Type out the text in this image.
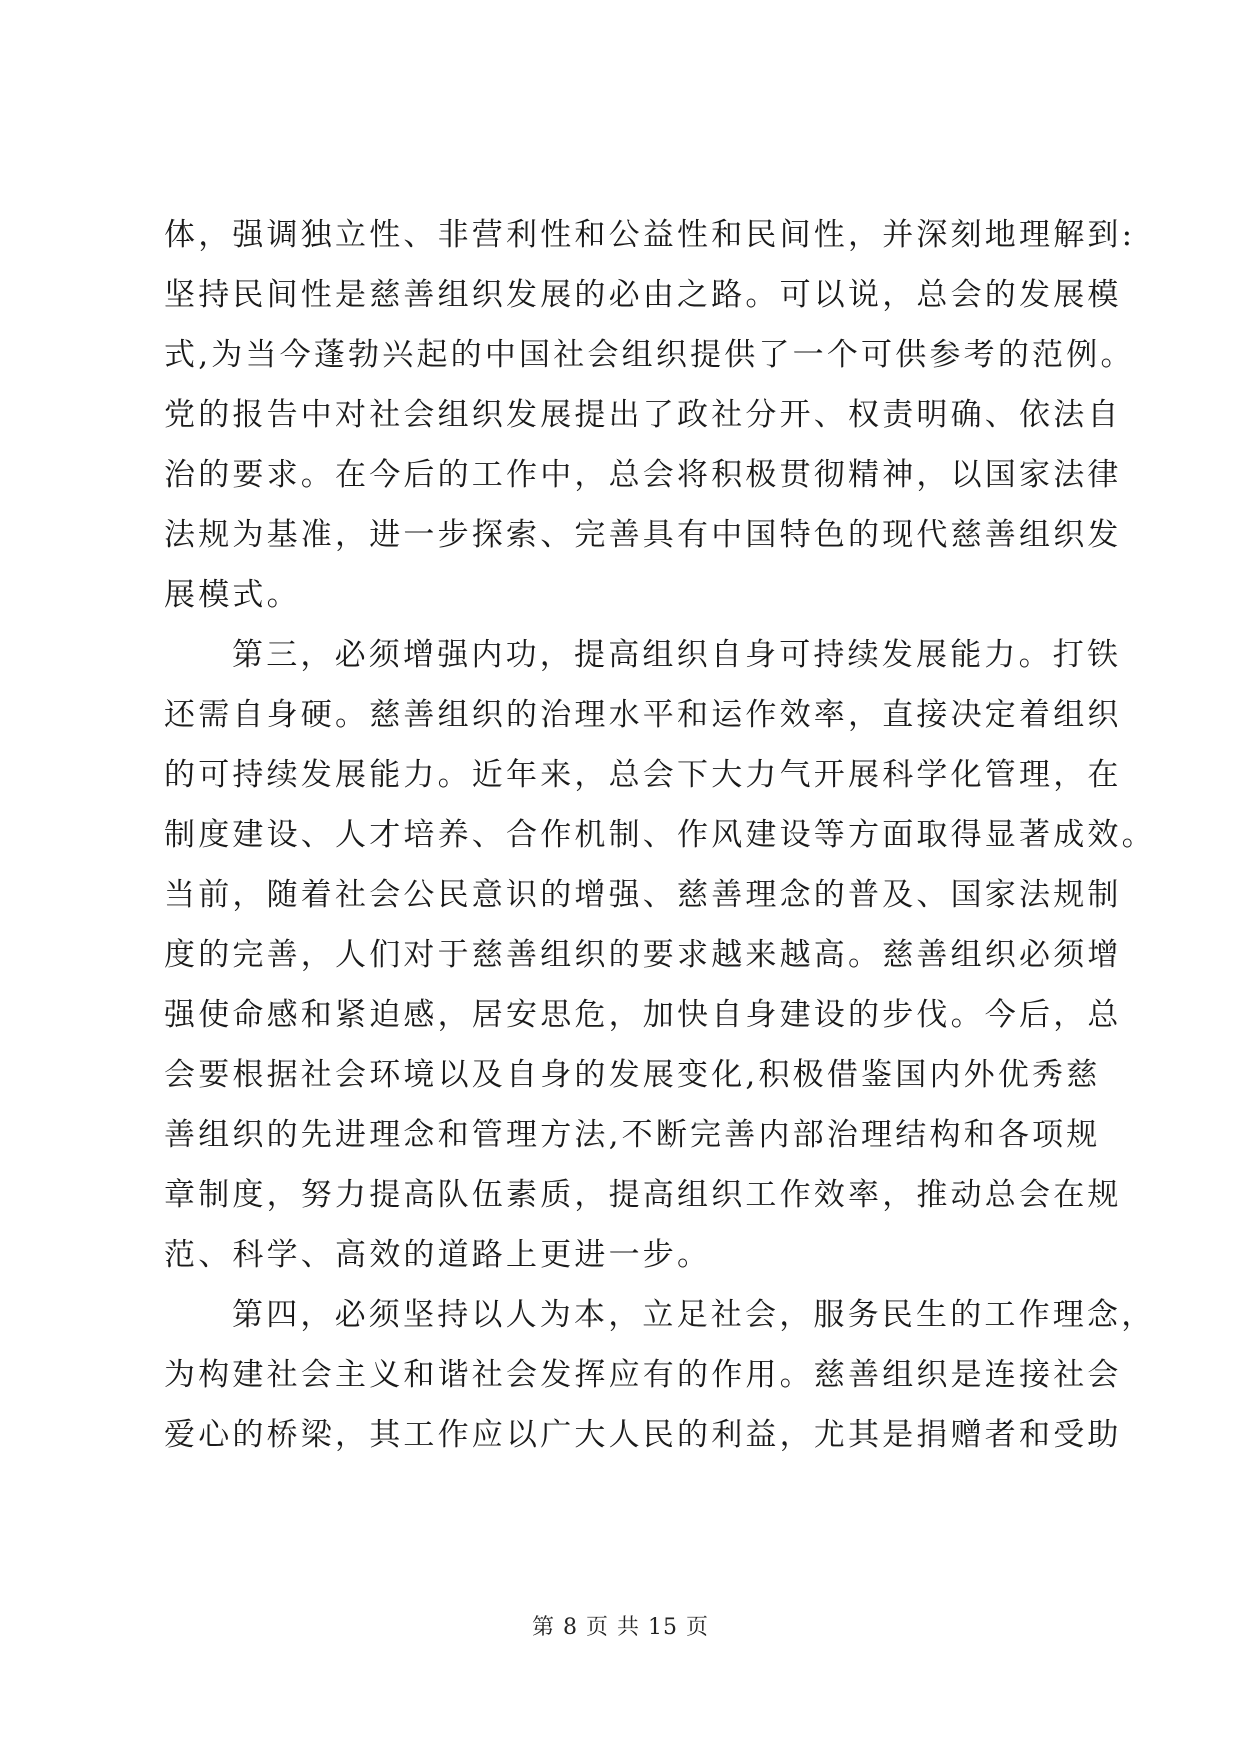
体，强调独立性、非营利性和公益性和民间性，并深刻地理解到:
坚持民间性是慈善组织发展的必由之路。可以说，总会的发展模
式,为当今蓬勃兴起的中国社会组织提供了一个可供参考的范例。
党的报告中对社会组织发展提出了政社分开、权责明确、依法自
治的要求。在今后的工作中，总会将积极贯彻精神，以国家法律
法规为基准，进一步探索、完善具有中国特色的现代慈善组织发
展模式。
第三，必须增强内功，提高组织自身可持续发展能力。打铁
还需自身硬。慈善组织的治理水平和运作效率，直接决定着组织
的可持续发展能力。近年来，总会下大力气开展科学化管理，在
制度建设、人才培养、合作机制、作风建设等方面取得显著成效。
当前，随着社会公民意识的增强、慈善理念的普及、国家法规制
度的完善，人们对于慈善组织的要求越来越高。慈善组织必须增
强使命感和紧迫感，居安思危，加快自身建设的步伐。今后，总
会要根据社会环境以及自身的发展变化,积极借鉴国内外优秀慈
善组织的先进理念和管理方法,不断完善内部治理结构和各项规
章制度，努力提高队伍素质，提高组织工作效率，推动总会在规
范、科学、高效的道路上更进一步。
第四，必须坚持以人为本，立足社会，服务民生的工作理念，
为构建社会主义和谐社会发挥应有的作用。慈善组织是连接社会
爱心的桥梁，其工作应以广大人民的利益，尤其是捐赠者和受助
第 8 页 共 15 页
